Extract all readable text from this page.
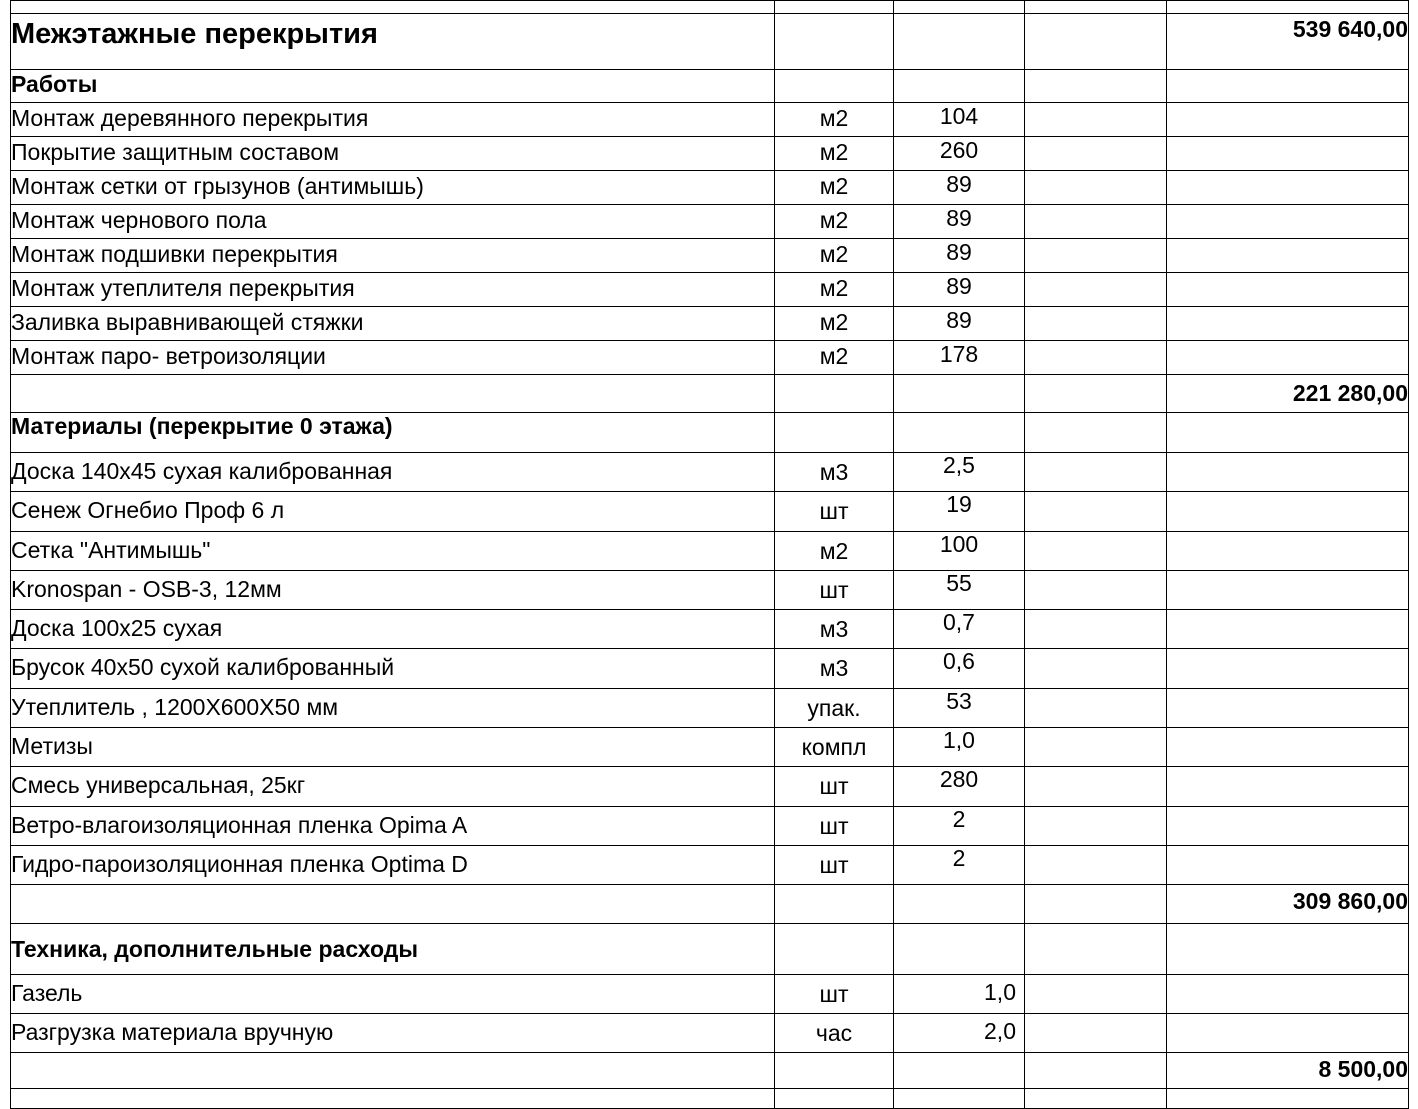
Межэтажные перекрытия				539 640,00
Работы				
Монтаж деревянного перекрытия	м2	104		
Покрытие защитным составом	м2	260		
Монтаж сетки от грызунов (антимышь)	м2	89		
Монтаж чернового пола	м2	89		
Монтаж подшивки перекрытия	м2	89		
Монтаж утеплителя перекрытия	м2	89		
Заливка выравнивающей стяжки	м2	89		
Монтаж паро- ветроизоляции	м2	178		
				221 280,00
Материалы (перекрытие 0 этажа)				
Доска 140х45 сухая калиброванная	м3	2,5		
Сенеж Огнебио Проф 6 л	шт	19		
Сетка "Антимышь"	м2	100		
Kronospan - OSB-3, 12мм	шт	55		
Доска 100х25 сухая	м3	0,7		
Брусок 40х50 сухой калиброванный	м3	0,6		
Утеплитель , 1200Х600Х50 мм	упак.	53		
Метизы	компл	1,0		
Смесь универсальная, 25кг	шт	280		
Ветро-влагоизоляционная пленка Opima A	шт	2		
Гидро-пароизоляционная пленка Optima D	шт	2		
				309 860,00
Техника, дополнительные расходы				
Газель	шт	1,0		
Разгрузка материала вручную	час	2,0		
				8 500,00
